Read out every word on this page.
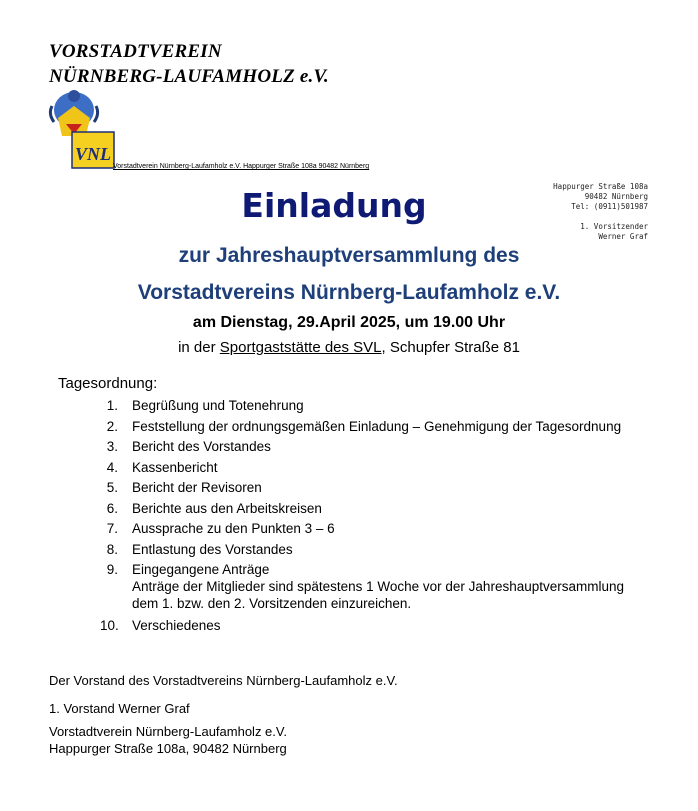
VORSTADTVEREIN
NÜRNBERG-LAUFAMHOLZ e.V.
VNL
Vorstadtverein Nürnberg-Laufamholz e.V. Happurger Straße 108a 90482 Nürnberg
Happurger Straße 108a
90482 Nürnberg
Tel: (0911)501987
1. Vorsitzender
Werner Graf
Einladung
zur Jahreshauptversammlung des
Vorstadtvereins Nürnberg-Laufamholz e.V.
am Dienstag, 29.April 2025, um 19.00 Uhr
in der Sportgaststätte des SVL, Schupfer Straße 81
Tagesordnung:
1. Begrüßung und Totenehrung
2. Feststellung der ordnungsgemäßen Einladung – Genehmigung der Tagesordnung
3. Bericht des Vorstandes
4. Kassenbericht
5. Bericht der Revisoren
6. Berichte aus den Arbeitskreisen
7. Aussprache zu den Punkten 3 – 6
8. Entlastung des Vorstandes
9. Eingegangene Anträge
Anträge der Mitglieder sind spätestens 1 Woche vor der Jahreshauptversammlung
dem 1. bzw. den 2. Vorsitzenden einzureichen.
10. Verschiedenes
Der Vorstand des Vorstadtvereins Nürnberg-Laufamholz e.V.
1. Vorstand Werner Graf
Vorstadtverein Nürnberg-Laufamholz e.V.
Happurger Straße 108a, 90482 Nürnberg
